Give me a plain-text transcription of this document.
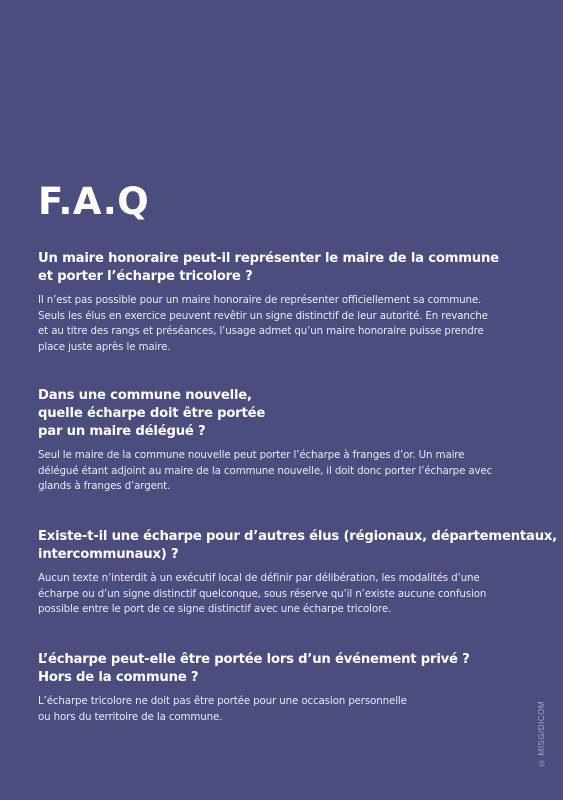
F.A.Q
Un maire honoraire peut-il représenter le maire de la commune
et porter l’écharpe tricolore ?

Il n’est pas possible pour un maire honoraire de représenter officiellement sa commune.
Seuls les élus en exercice peuvent revêtir un signe distinctif de leur autorité. En revanche
et au titre des rangs et préséances, l’usage admet qu’un maire honoraire puisse prendre
place juste après le maire.

Dans une commune nouvelle,
quelle écharpe doit être portée
par un maire délégué ?

Seul le maire de la commune nouvelle peut porter l’écharpe à franges d’or. Un maire
délégué étant adjoint au maire de la commune nouvelle, il doit donc porter l’écharpe avec
glands à franges d’argent.

Existe-t-il une écharpe pour d’autres élus (régionaux, départementaux,
intercommunaux) ?

Aucun texte n’interdit à un exécutif local de définir par délibération, les modalités d’une
écharpe ou d’un signe distinctif quelconque, sous réserve qu’il n’existe aucune confusion
possible entre le port de ce signe distinctif avec une écharpe tricolore.

L’écharpe peut-elle être portée lors d’un événement privé ?
Hors de la commune ?

L’écharpe tricolore ne doit pas être portée pour une occasion personnelle
ou hors du territoire de la commune.	© MISG/DICOM
